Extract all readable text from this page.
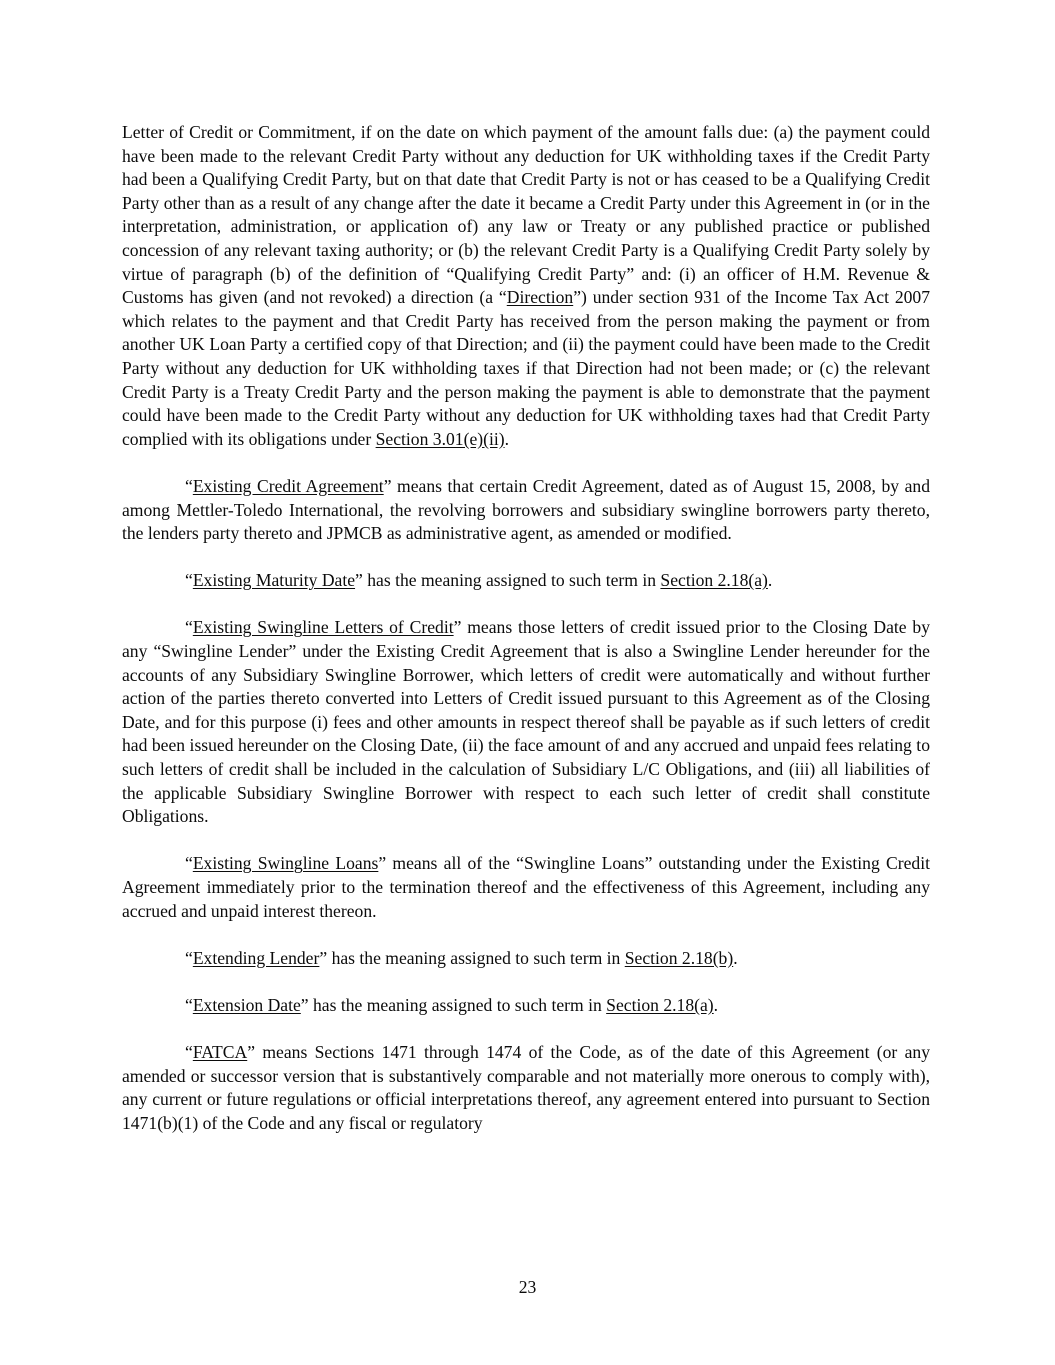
Letter of Credit or Commitment, if on the date on which payment of the amount falls due: (a) the payment could have been made to the relevant Credit Party without any deduction for UK withholding taxes if the Credit Party had been a Qualifying Credit Party, but on that date that Credit Party is not or has ceased to be a Qualifying Credit Party other than as a result of any change after the date it became a Credit Party under this Agreement in (or in the interpretation, administration, or application of) any law or Treaty or any published practice or published concession of any relevant taxing authority; or (b) the relevant Credit Party is a Qualifying Credit Party solely by virtue of paragraph (b) of the definition of “Qualifying Credit Party” and: (i) an officer of H.M. Revenue & Customs has given (and not revoked) a direction (a “Direction”) under section 931 of the Income Tax Act 2007 which relates to the payment and that Credit Party has received from the person making the payment or from another UK Loan Party a certified copy of that Direction; and (ii) the payment could have been made to the Credit Party without any deduction for UK withholding taxes if that Direction had not been made; or (c) the relevant Credit Party is a Treaty Credit Party and the person making the payment is able to demonstrate that the payment could have been made to the Credit Party without any deduction for UK withholding taxes had that Credit Party complied with its obligations under Section 3.01(e)(ii).

“Existing Credit Agreement” means that certain Credit Agreement, dated as of August 15, 2008, by and among Mettler-Toledo International, the revolving borrowers and subsidiary swingline borrowers party thereto, the lenders party thereto and JPMCB as administrative agent, as amended or modified.

“Existing Maturity Date” has the meaning assigned to such term in Section 2.18(a).

“Existing Swingline Letters of Credit” means those letters of credit issued prior to the Closing Date by any “Swingline Lender” under the Existing Credit Agreement that is also a Swingline Lender hereunder for the accounts of any Subsidiary Swingline Borrower, which letters of credit were automatically and without further action of the parties thereto converted into Letters of Credit issued pursuant to this Agreement as of the Closing Date, and for this purpose (i) fees and other amounts in respect thereof shall be payable as if such letters of credit had been issued hereunder on the Closing Date, (ii) the face amount of and any accrued and unpaid fees relating to such letters of credit shall be included in the calculation of Subsidiary L/C Obligations, and (iii) all liabilities of the applicable Subsidiary Swingline Borrower with respect to each such letter of credit shall constitute Obligations.

“Existing Swingline Loans” means all of the “Swingline Loans” outstanding under the Existing Credit Agreement immediately prior to the termination thereof and the effectiveness of this Agreement, including any accrued and unpaid interest thereon.

“Extending Lender” has the meaning assigned to such term in Section 2.18(b).

“Extension Date” has the meaning assigned to such term in Section 2.18(a).

“FATCA” means Sections 1471 through 1474 of the Code, as of the date of this Agreement (or any amended or successor version that is substantively comparable and not materially more onerous to comply with), any current or future regulations or official interpretations thereof, any agreement entered into pursuant to Section 1471(b)(1) of the Code and any fiscal or regulatory

23
